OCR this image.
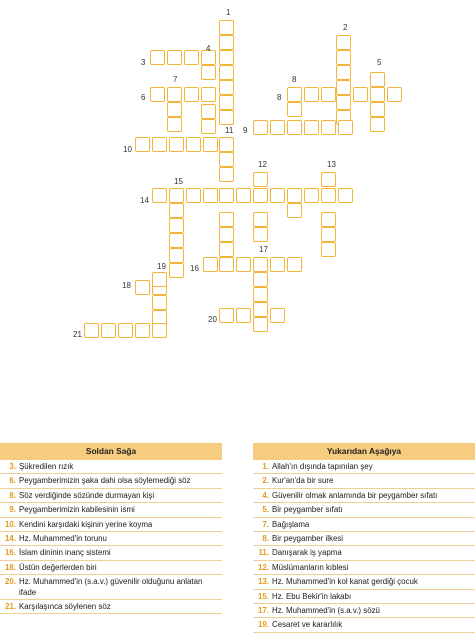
1
2
3
4
5
6
7	8
8
9
10
11
12	13
14
15
16
17
18
19
20
21
Soldan Sağa
3. Şükredilen rızık
6. Peygamberimizin şaka dahi olsa söylemediği söz
8. Söz verdiğinde sözünde durmayan kişi
9. Peygamberimizin kabilesinin ismi
10. Kendini karşıdaki kişinin yerine koyma
14. Hz. Muhammed'in torunu
16. İslam dininin inanç sistemi
18. Üstün değerlerden biri
20. Hz. Muhammed'in (s.a.v.) güvenilir olduğunu anlatan ifade
21. Karşılaşınca söylenen söz
Yukarıdan Aşağıya
1. Allah'ın dışında tapınılan şey
2. Kur'an'da bir sure
4. Güvenilir olmak anlamında bir peygamber sıfatı
5. Bir peygamber sıfatı
7. Bağışlama
8. Bir peygamber ilkesi
11. Danışarak iş yapma
12. Müslümanların kıblesi
13. Hz. Muhammed'in kol kanat gerdiği çocuk
15. Hz. Ebu Bekir'in lakabı
17. Hz. Muhammed'in (s.a.v.) sözü
19. Cesaret ve kararlılık
